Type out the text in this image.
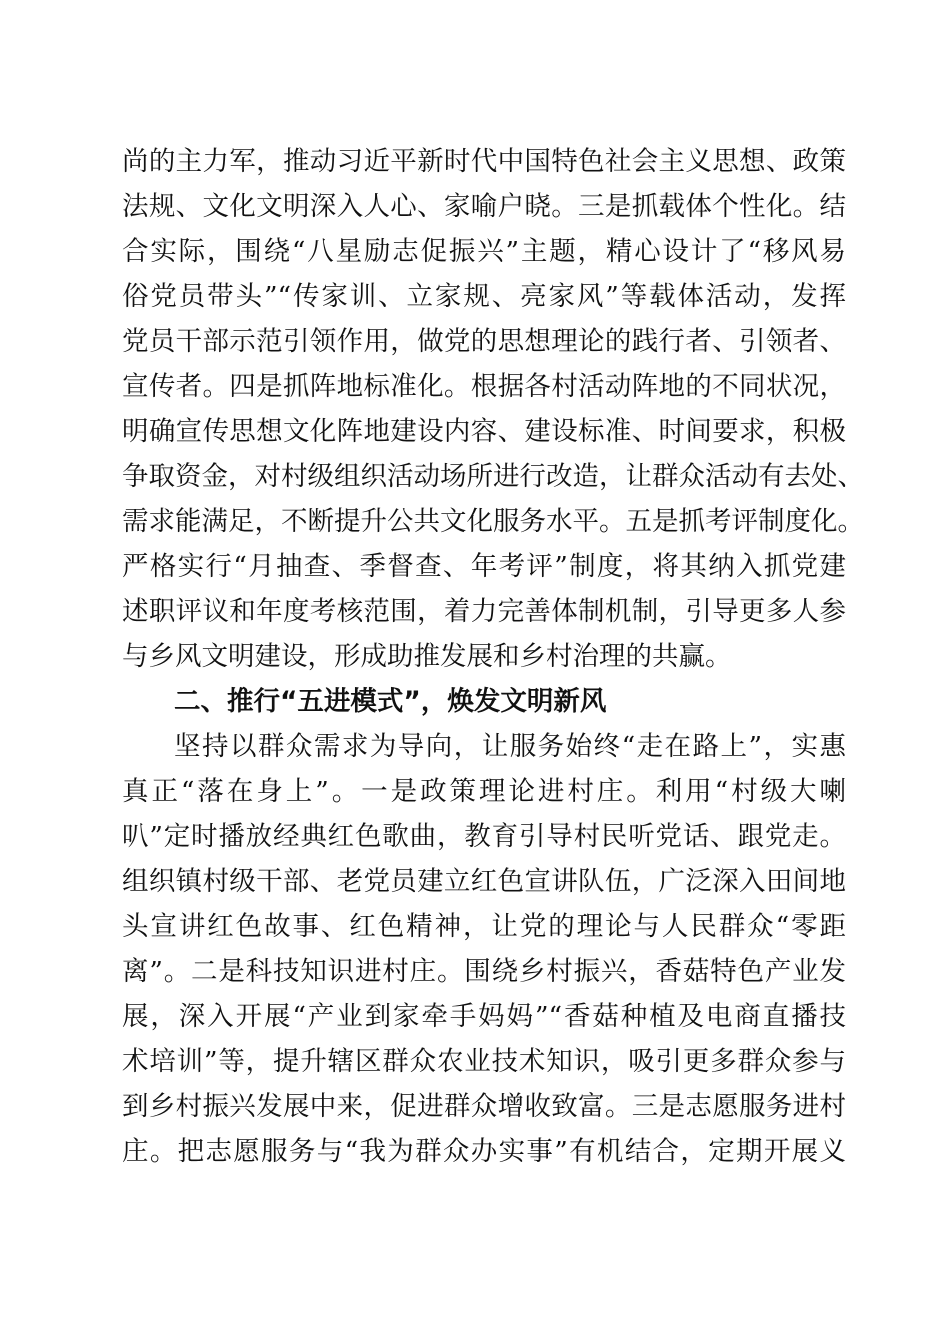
尚的主力军，推动习近平新时代中国特色社会主义思想、政策
法规、文化文明深入人心、家喻户晓。三是抓载体个性化。结
合实际，围绕“八星励志促振兴”主题，精心设计了“移风易
俗党员带头”“传家训、立家规、亮家风”等载体活动，发挥
党员干部示范引领作用，做党的思想理论的践行者、引领者、
宣传者。四是抓阵地标准化。根据各村活动阵地的不同状况，
明确宣传思想文化阵地建设内容、建设标准、时间要求，积极
争取资金，对村级组织活动场所进行改造，让群众活动有去处、
需求能满足，不断提升公共文化服务水平。五是抓考评制度化。
严格实行“月抽查、季督查、年考评”制度，将其纳入抓党建
述职评议和年度考核范围，着力完善体制机制，引导更多人参
与乡风文明建设，形成助推发展和乡村治理的共赢。
二、推行“五进模式”，焕发文明新风
坚持以群众需求为导向，让服务始终“走在路上”，实惠
真正“落在身上”。一是政策理论进村庄。利用“村级大喇
叭”定时播放经典红色歌曲，教育引导村民听党话、跟党走。
组织镇村级干部、老党员建立红色宣讲队伍，广泛深入田间地
头宣讲红色故事、红色精神，让党的理论与人民群众“零距
离”。二是科技知识进村庄。围绕乡村振兴，香菇特色产业发
展，深入开展“产业到家牵手妈妈”“香菇种植及电商直播技
术培训”等，提升辖区群众农业技术知识，吸引更多群众参与
到乡村振兴发展中来，促进群众增收致富。三是志愿服务进村
庄。把志愿服务与“我为群众办实事”有机结合，定期开展义
